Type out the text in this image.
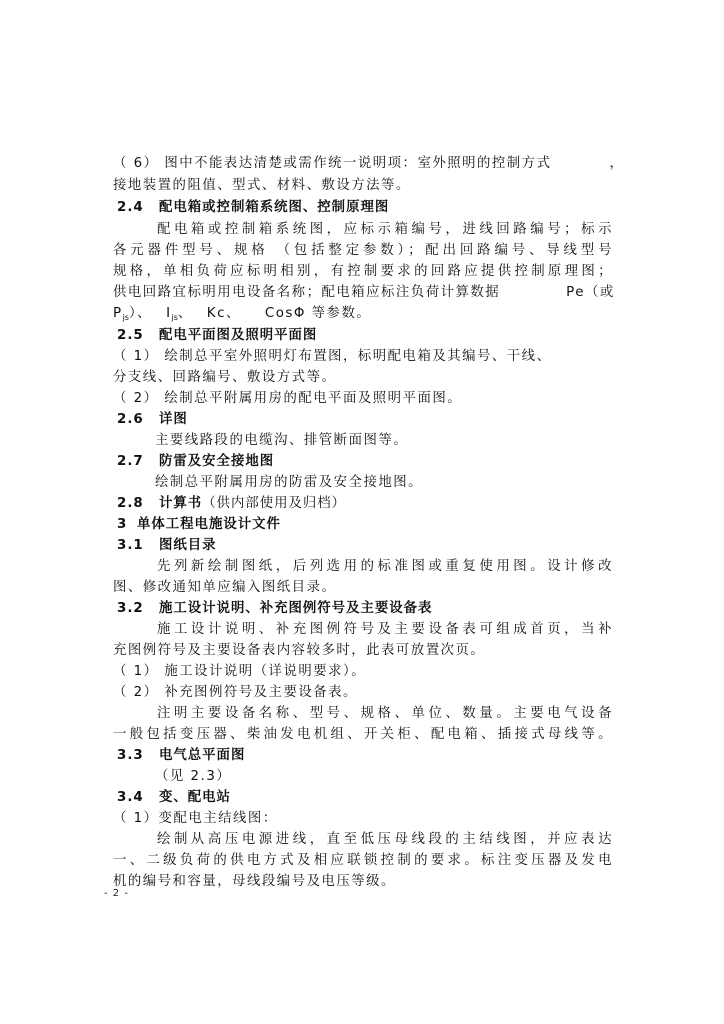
（ 6） 图中不能表达清楚或需作统一说明项：室外照明的控制方式	，
接地装置的阻值、型式、材料、敷设方法等。
2.4 配电箱或控制箱系统图、控制原理图
配电箱或控制箱系统图，应标示箱编号，进线回路编号；标示
各元器件型号、规格 （包括整定参数）；配出回路编号、导线型号
规格，单相负荷应标明相别，有控制要求的回路应提供控制原理图；
供电回路宜标明用电设备名称；配电箱应标注负荷计算数据	Pe（或
$P_{js}$）、 $I_{js}$、 Kc、 CosΦ 等参数。
2.5 配电平面图及照明平面图
（ 1） 绘制总平室外照明灯布置图，标明配电箱及其编号、干线、
分支线、回路编号、敷设方式等。
（ 2） 绘制总平附属用房的配电平面及照明平面图。
2.6 详图
主要线路段的电缆沟、排管断面图等。
2.7 防雷及安全接地图
绘制总平附属用房的防雷及安全接地图。
2.8 计算书（供内部使用及归档）
3 单体工程电施设计文件
3.1 图纸目录
先列新绘制图纸，后列选用的标准图或重复使用图。设计修改
图、修改通知单应编入图纸目录。
3.2 施工设计说明、补充图例符号及主要设备表
施工设计说明、补充图例符号及主要设备表可组成首页，当补
充图例符号及主要设备表内容较多时，此表可放置次页。
（ 1） 施工设计说明（详说明要求）。
（ 2） 补充图例符号及主要设备表。
注明主要设备名称、型号、规格、单位、数量。主要电气设备
一般包括变压器、柴油发电机组、开关柜、配电箱、插接式母线等。
3.3 电气总平面图
（见 2.3）
3.4 变、配电站
（ 1）变配电主结线图：
绘制从高压电源进线，直至低压母线段的主结线图，并应表达
一、二级负荷的供电方式及相应联锁控制的要求。标注变压器及发电
机的编号和容量，母线段编号及电压等级。
- 2 -
